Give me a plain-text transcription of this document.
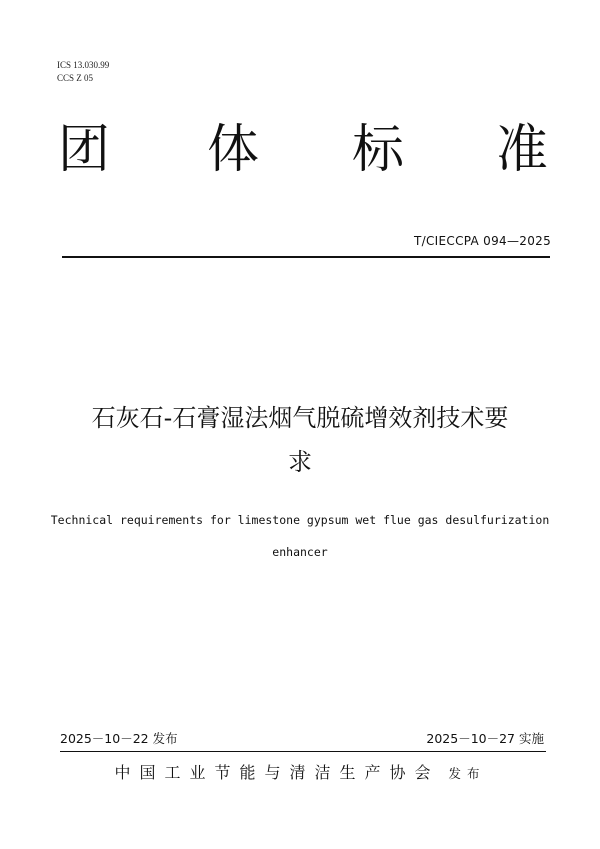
ICS 13.030.99
CCS Z 05
团 体 标 准
T/CIECCPA 094—2025
石灰石-石膏湿法烟气脱硫增效剂技术要
求
Technical requirements for limestone gypsum wet flue gas desulfurization
enhancer
2025－10－22 发布	2025－10－27 实施
中国工业节能与清洁生产协会 发布
